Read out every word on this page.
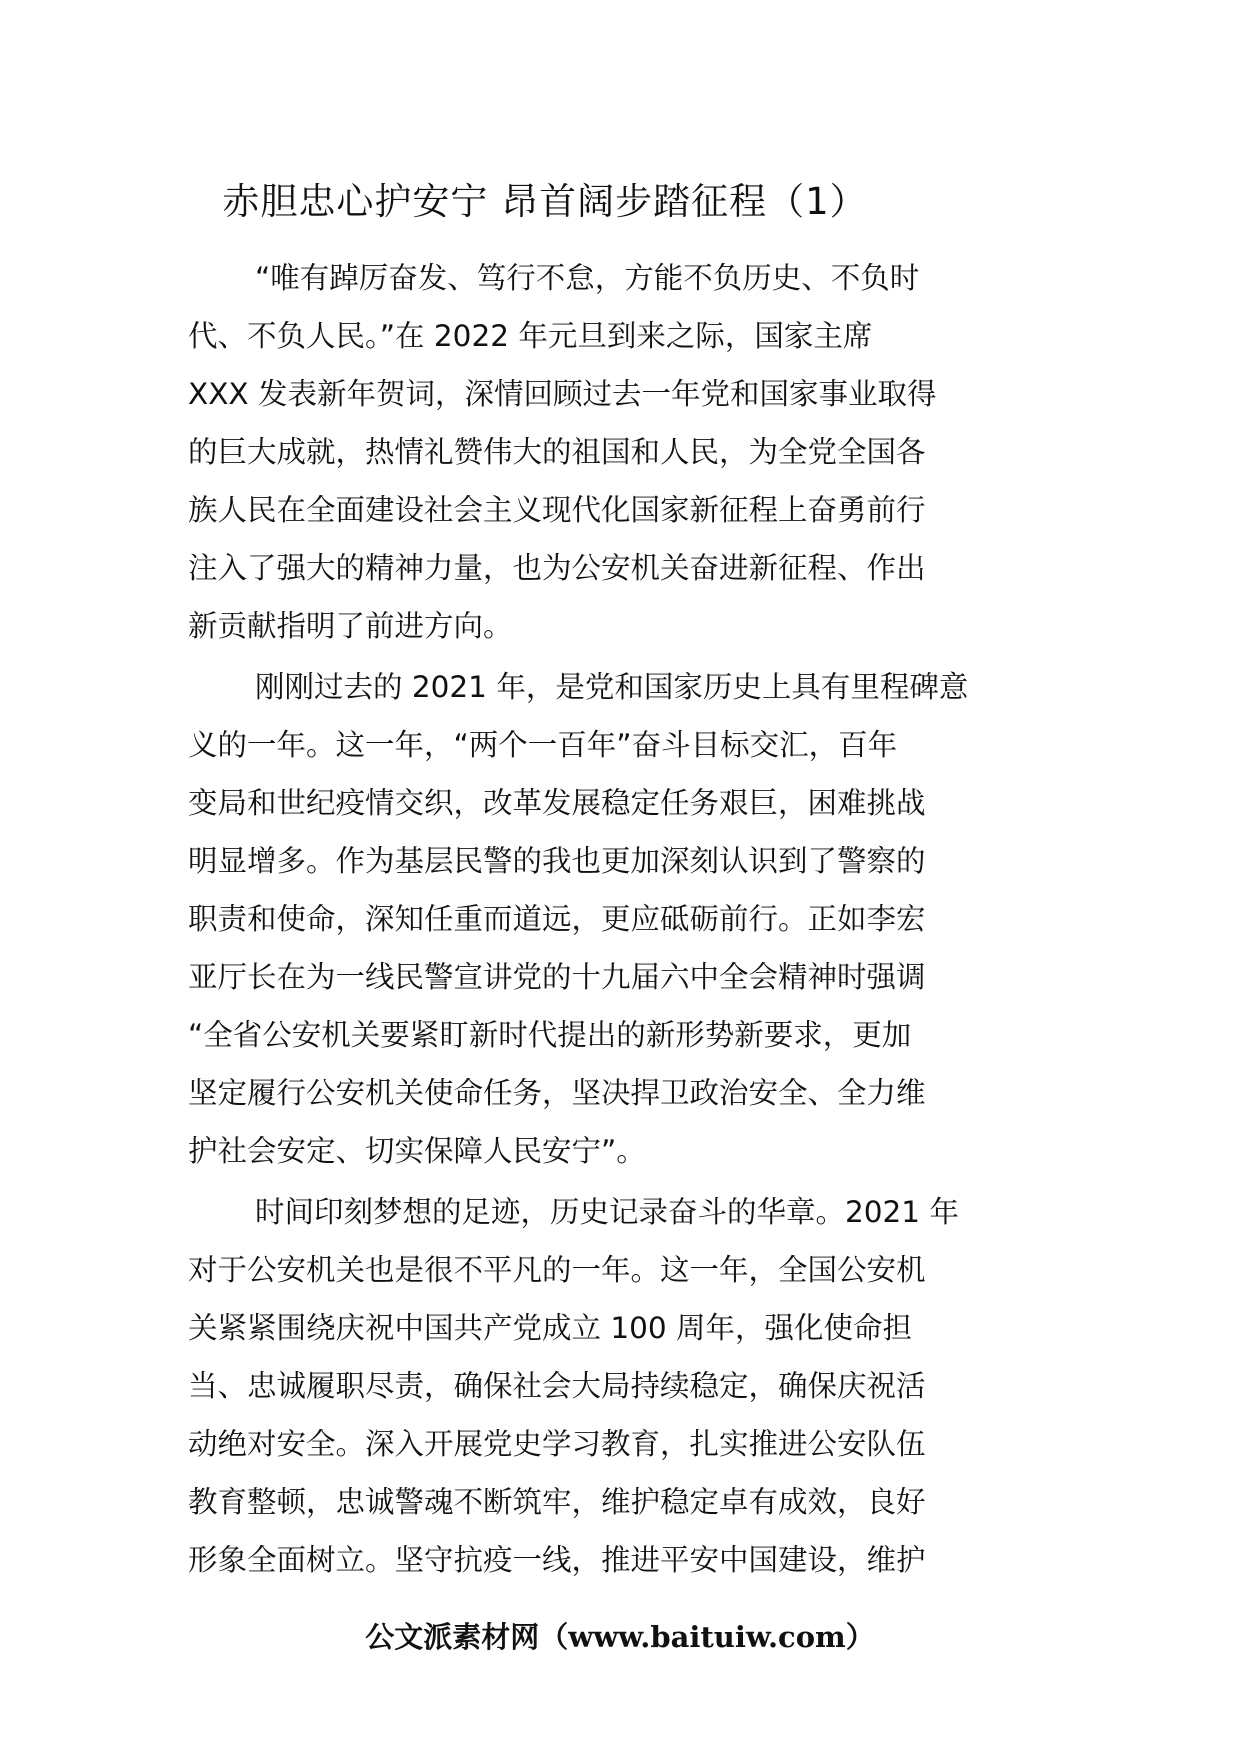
赤胆忠心护安宁 昂首阔步踏征程（1）
“唯有踔厉奋发、笃行不怠，方能不负历史、不负时
代、不负人民。”在 2022 年元旦到来之际，国家主席
XXX 发表新年贺词，深情回顾过去一年党和国家事业取得
的巨大成就，热情礼赞伟大的祖国和人民，为全党全国各
族人民在全面建设社会主义现代化国家新征程上奋勇前行
注入了强大的精神力量，也为公安机关奋进新征程、作出
新贡献指明了前进方向。
刚刚过去的 2021 年，是党和国家历史上具有里程碑意
义的一年。这一年，“两个一百年”奋斗目标交汇，百年
变局和世纪疫情交织，改革发展稳定任务艰巨，困难挑战
明显增多。作为基层民警的我也更加深刻认识到了警察的
职责和使命，深知任重而道远，更应砥砺前行。正如李宏
亚厅长在为一线民警宣讲党的十九届六中全会精神时强调
“全省公安机关要紧盯新时代提出的新形势新要求，更加
坚定履行公安机关使命任务，坚决捍卫政治安全、全力维
护社会安定、切实保障人民安宁”。
时间印刻梦想的足迹，历史记录奋斗的华章。2021 年
对于公安机关也是很不平凡的一年。这一年，全国公安机
关紧紧围绕庆祝中国共产党成立 100 周年，强化使命担
当、忠诚履职尽责，确保社会大局持续稳定，确保庆祝活
动绝对安全。深入开展党史学习教育，扎实推进公安队伍
教育整顿，忠诚警魂不断筑牢，维护稳定卓有成效，良好
形象全面树立。坚守抗疫一线，推进平安中国建设，维护
公文派素材网（www.baituiw.com）
